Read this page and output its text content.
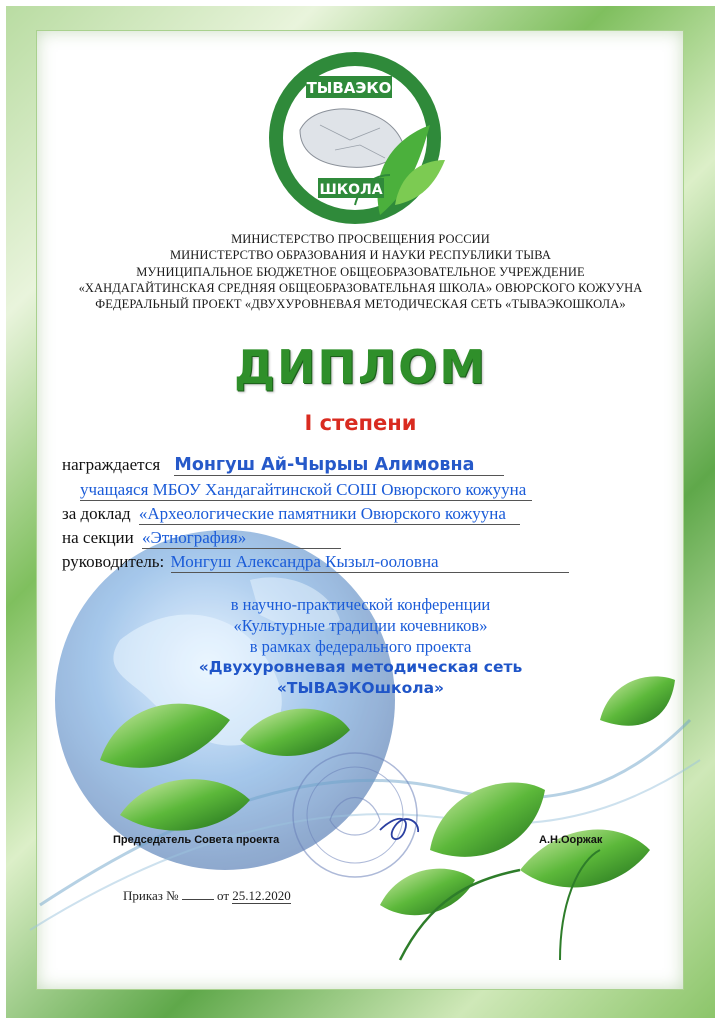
ТЫВАЭКО
ШКОЛА
МИНИСТЕРСТВО ПРОСВЕЩЕНИЯ РОССИИ
МИНИСТЕРСТВО ОБРАЗОВАНИЯ И НАУКИ РЕСПУБЛИКИ ТЫВА
МУНИЦИПАЛЬНОЕ БЮДЖЕТНОЕ ОБЩЕОБРАЗОВАТЕЛЬНОЕ УЧРЕЖДЕНИЕ
«ХАНДАГАЙТИНСКАЯ СРЕДНЯЯ ОБЩЕОБРАЗОВАТЕЛЬНАЯ ШКОЛА» ОВЮРСКОГО КОЖУУНА
ФЕДЕРАЛЬНЫЙ ПРОЕКТ «ДВУХУРОВНЕВАЯ МЕТОДИЧЕСКАЯ СЕТЬ «ТЫВАЭКОШКОЛА»
ДИПЛОМ
I степени
награждается Монгуш Ай-Чырыы Алимовна
учащаяся МБОУ Хандагайтинской СОШ Овюрского кожууна
за доклад «Археологические памятники Овюрского кожууна
на секции «Этнография»
руководитель: Монгуш Александра Кызыл-ооловна
в научно-практической конференции
«Культурные традиции кочевников»
в рамках федерального проекта
«Двухуровневая методическая сеть
«ТЫВАЭКОшкола»
Председатель Совета проекта	А.Н.Ооржак
Приказ №	от 25.12.2020
